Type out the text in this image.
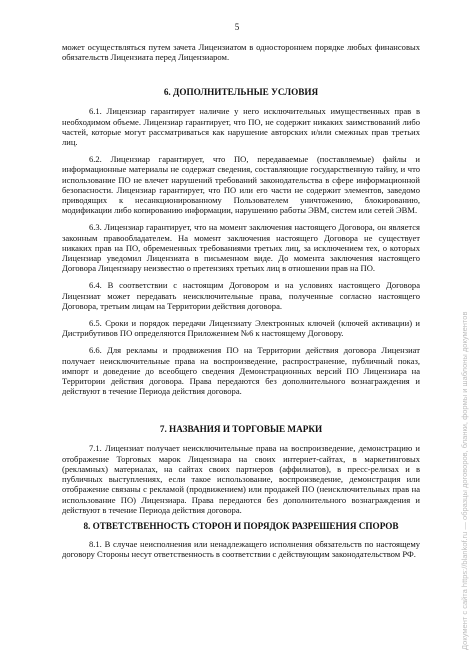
5

может осуществляться путем зачета Лицензиатом в одностороннем порядке любых финансовых обязательств Лицензиата перед Лицензиаром.

6. ДОПОЛНИТЕЛЬНЫЕ УСЛОВИЯ

6.1. Лицензиар гарантирует наличие у него исключительных имущественных прав в необходимом объеме. Лицензиар гарантирует, что ПО, не содержит никаких заимствований либо частей, которые могут рассматриваться как нарушение авторских и/или смежных прав третьих лиц.

6.2. Лицензиар гарантирует, что ПО, передаваемые (поставляемые) файлы и информационные материалы не содержат сведения, составляющие государственную тайну, и что использование ПО не влечет нарушений требований законодательства в сфере информационной безопасности. Лицензиар гарантирует, что ПО или его части не содержит элементов, заведомо приводящих к несанкционированному Пользователем уничтожению, блокированию, модификации либо копированию информации, нарушению работы ЭВМ, систем или сетей ЭВМ.

6.3. Лицензиар гарантирует, что на момент заключения настоящего Договора, он является законным правообладателем. На момент заключения настоящего Договора не существует никаких прав на ПО, обремененных требованиями третьих лиц, за исключением тех, о которых Лицензиар уведомил Лицензиата в письменном виде. До момента заключения настоящего Договора Лицензиару неизвестно о претензиях третьих лиц в отношении прав на ПО.

6.4. В соответствии с настоящим Договором и на условиях настоящего Договора Лицензиат может передавать неисключительные права, полученные согласно настоящего Договора, третьим лицам на Территории действия договора.

6.5. Сроки и порядок передачи Лицензиату Электронных ключей (ключей активации) и Дистрибутивов ПО определяются Приложением №6 к настоящему Договору.

6.6. Для рекламы и продвижения ПО на Территории действия договора Лицензиат получает неисключительные права на воспроизведение, распространение, публичный показ, импорт и доведение до всеобщего сведения Демонстрационных версий ПО Лицензиара на Территории действия договора. Права передаются без дополнительного вознаграждения и действуют в течение Периода действия договора.

7. НАЗВАНИЯ И ТОРГОВЫЕ МАРКИ

7.1. Лицензиат получает неисключительные права на воспроизведение, демонстрацию и отображение Торговых марок Лицензиара на своих интернет-сайтах, в маркетинговых (рекламных) материалах, на сайтах своих партнеров (аффилиатов), в пресс-релизах и в публичных выступлениях, если такое использование, воспроизведение, демонстрация или отображение связаны с рекламой (продвижением) или продажей ПО (неисключительных прав на использование ПО) Лицензиара. Права передаются без дополнительного вознаграждения и действуют в течение Периода действия договора.

8. ОТВЕТСТВЕННОСТЬ СТОРОН И ПОРЯДОК РАЗРЕШЕНИЯ СПОРОВ

8.1. В случае неисполнения или ненадлежащего исполнения обязательств по настоящему договору Стороны несут ответственность в соответствии с действующим законодательством РФ.	Документ с сайта https://blankof.ru — образцы договоров, бланки, формы и шаблоны документов
